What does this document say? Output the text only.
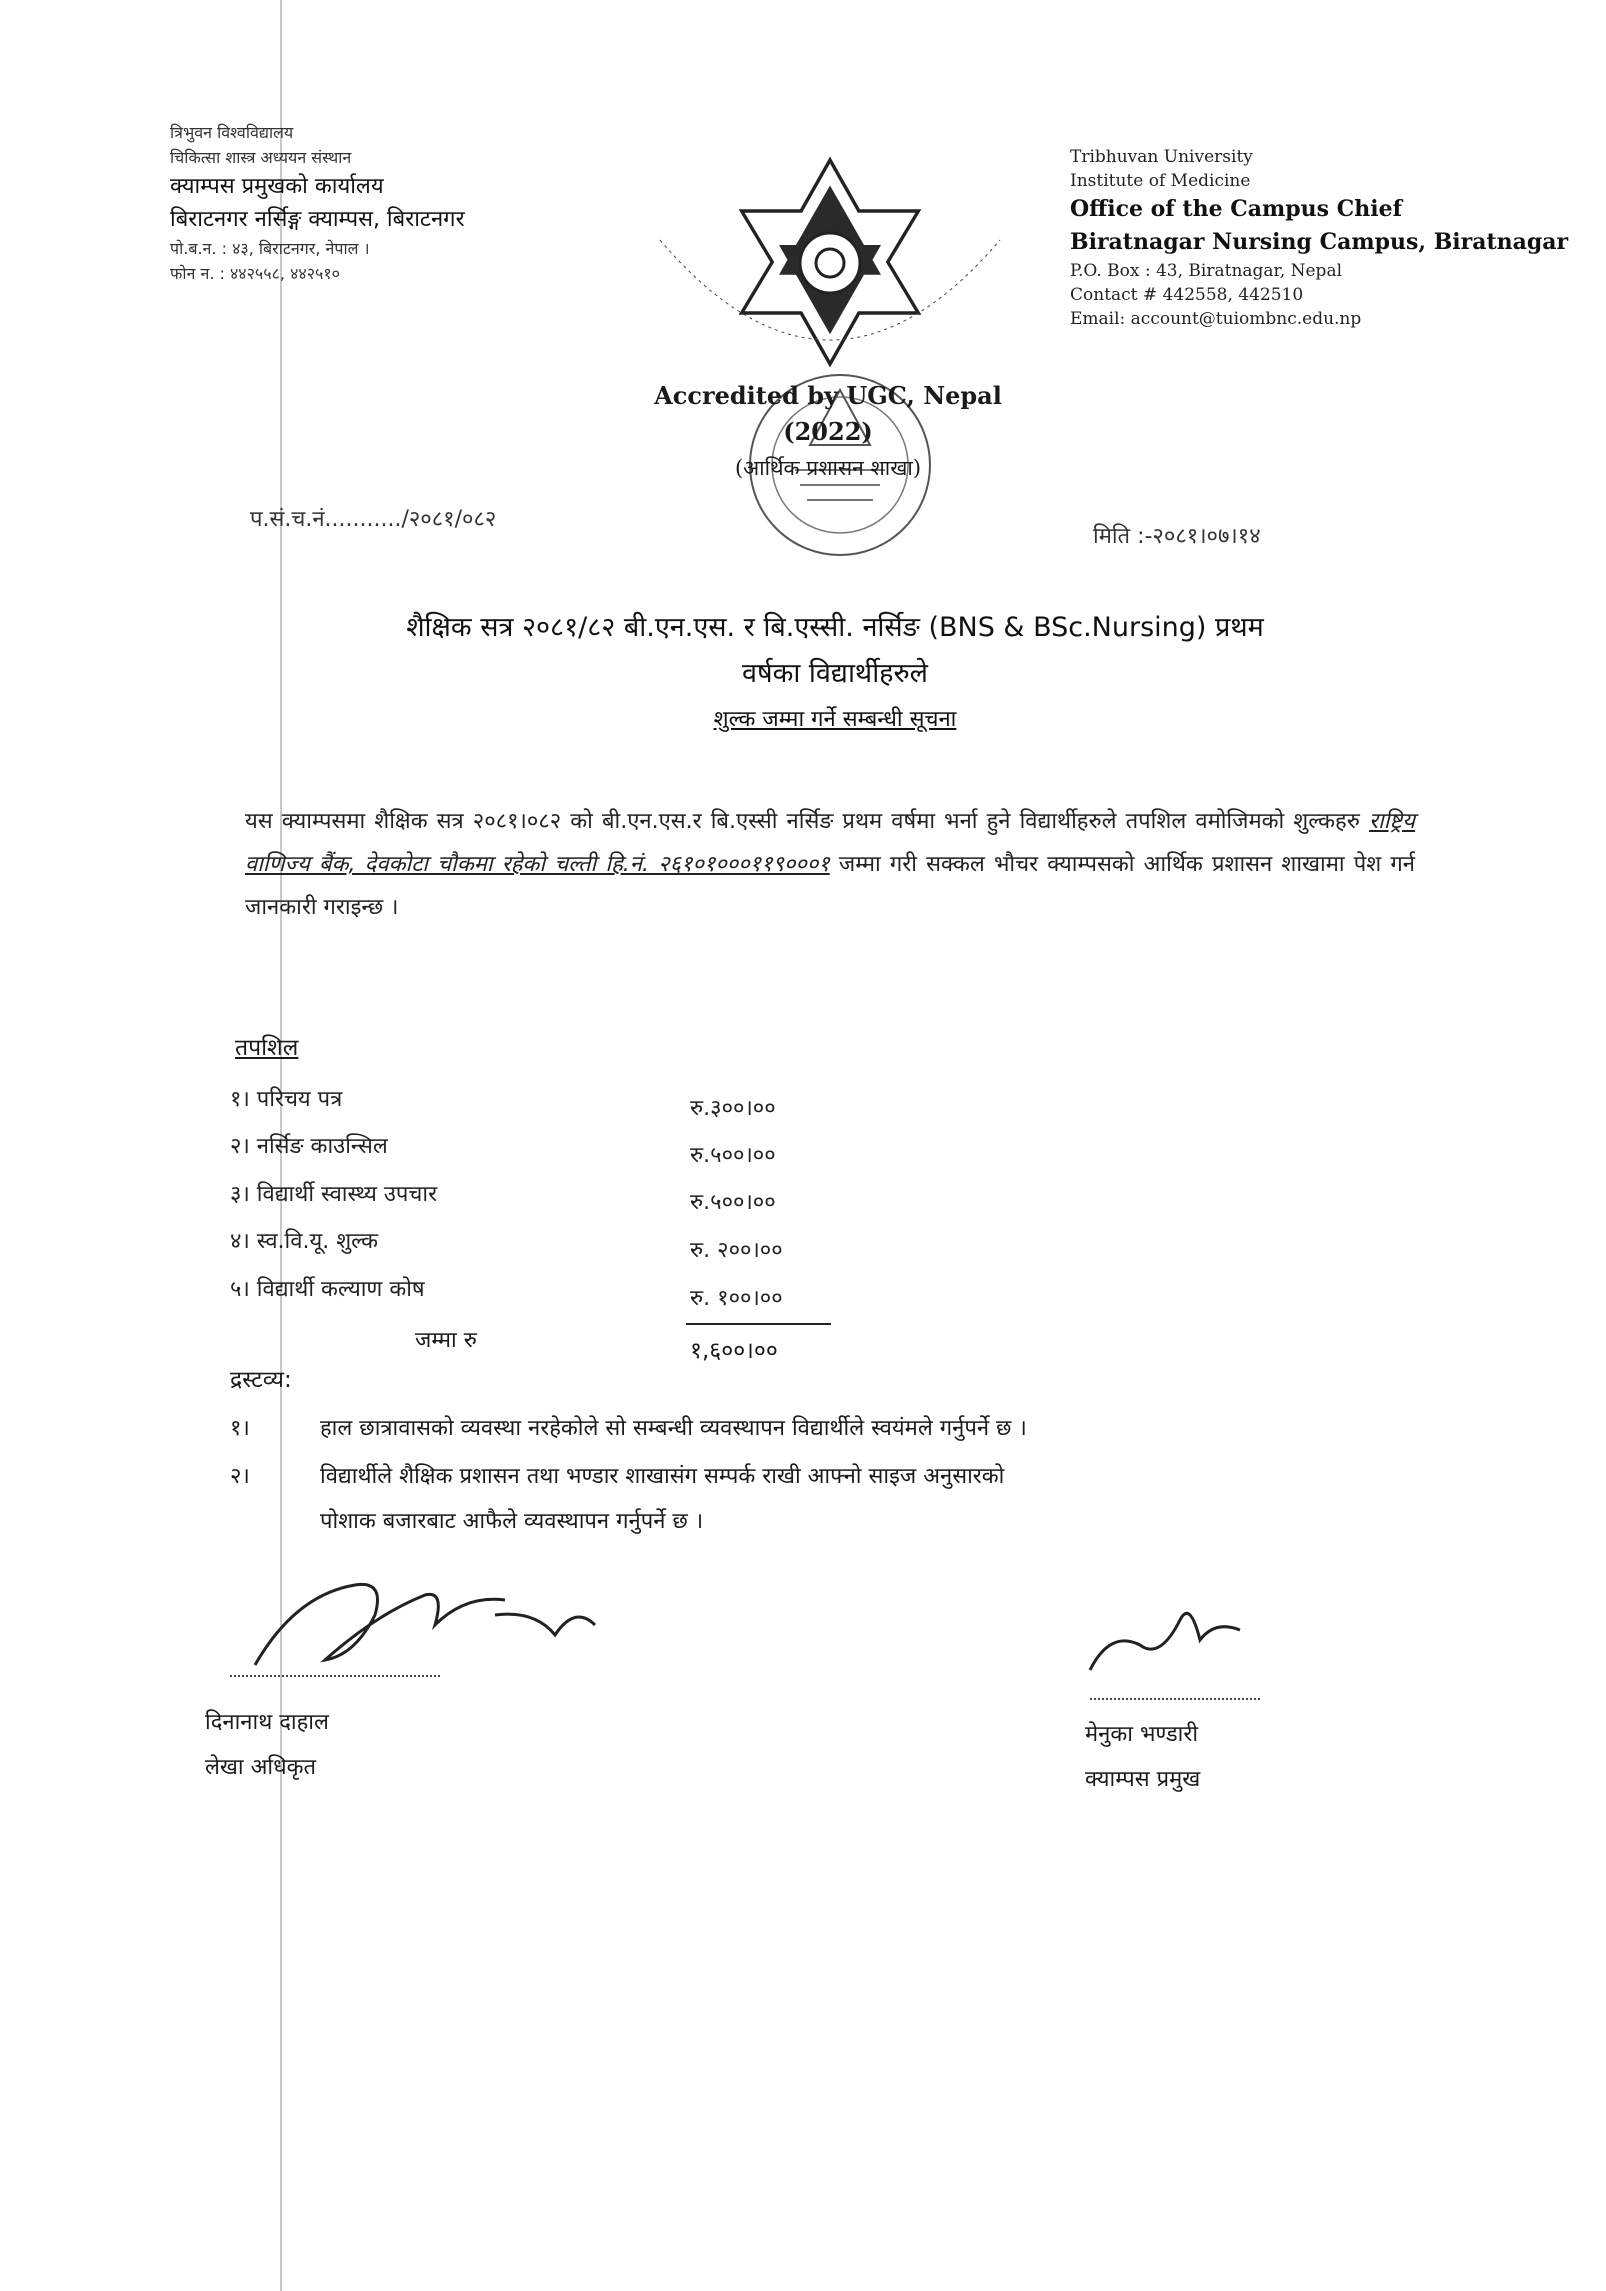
त्रिभुवन विश्वविद्यालय
चिकित्सा शास्त्र अध्ययन संस्थान
क्याम्पस प्रमुखको कार्यालय
बिराटनगर नर्सिङ्ग क्याम्पस, बिराटनगर
पो.ब.न. : ४३, बिराटनगर, नेपाल ।
फोन न. : ४४२५५८, ४४२५१०
Tribhuvan University
Institute of Medicine
Office of the Campus Chief
Biratnagar Nursing Campus, Biratnagar
P.O. Box : 43, Biratnagar, Nepal
Contact # 442558, 442510
Email: account@tuiombnc.edu.np
Accredited by UGC, Nepal
(2022)
(आर्थिक प्रशासन शाखा)
प.सं.च.नं.........../२०८१/०८२
मिति :-२०८१।०७।१४
शैक्षिक सत्र २०८१/८२ बी.एन.एस. र बि.एस्सी. नर्सिङ (BNS & BSc.Nursing) प्रथम
वर्षका विद्यार्थीहरुले
शुल्क जम्मा गर्ने सम्बन्धी सूचना
यस क्याम्पसमा शैक्षिक सत्र २०८१।०८२ को बी.एन.एस.र बि.एस्सी नर्सिङ प्रथम वर्षमा भर्ना हुने विद्यार्थीहरुले तपशिल वमोजिमको शुल्कहरु राष्ट्रिय वाणिज्य बैंक, देवकोटा चौकमा रहेको चल्ती हि.नं. २६१०१०००११९०००१ जम्मा गरी सक्कल भौचर क्याम्पसको आर्थिक प्रशासन शाखामा पेश गर्न जानकारी गराइन्छ ।
तपशिल
१। परिचय पत्र	रु.३००।००
२। नर्सिङ काउन्सिल	रु.५००।००
३। विद्यार्थी स्वास्थ्य उपचार	रु.५००।००
४। स्व.वि.यू. शुल्क	रु. २००।००
५। विद्यार्थी कल्याण कोष	रु. १००।००
जम्मा रु	१,६००।००
द्रस्टव्य:
१।	हाल छात्रावासको व्यवस्था नरहेकोले सो सम्बन्धी व्यवस्थापन विद्यार्थीले स्वयंमले गर्नुपर्ने छ ।
२।	विद्यार्थीले शैक्षिक प्रशासन तथा भण्डार शाखासंग सम्पर्क राखी आफ्नो साइज अनुसारको
पोशाक बजारबाट आफैले व्यवस्थापन गर्नुपर्ने छ ।
दिनानाथ दाहाल
लेखा अधिकृत
मेनुका भण्डारी
क्याम्पस प्रमुख
